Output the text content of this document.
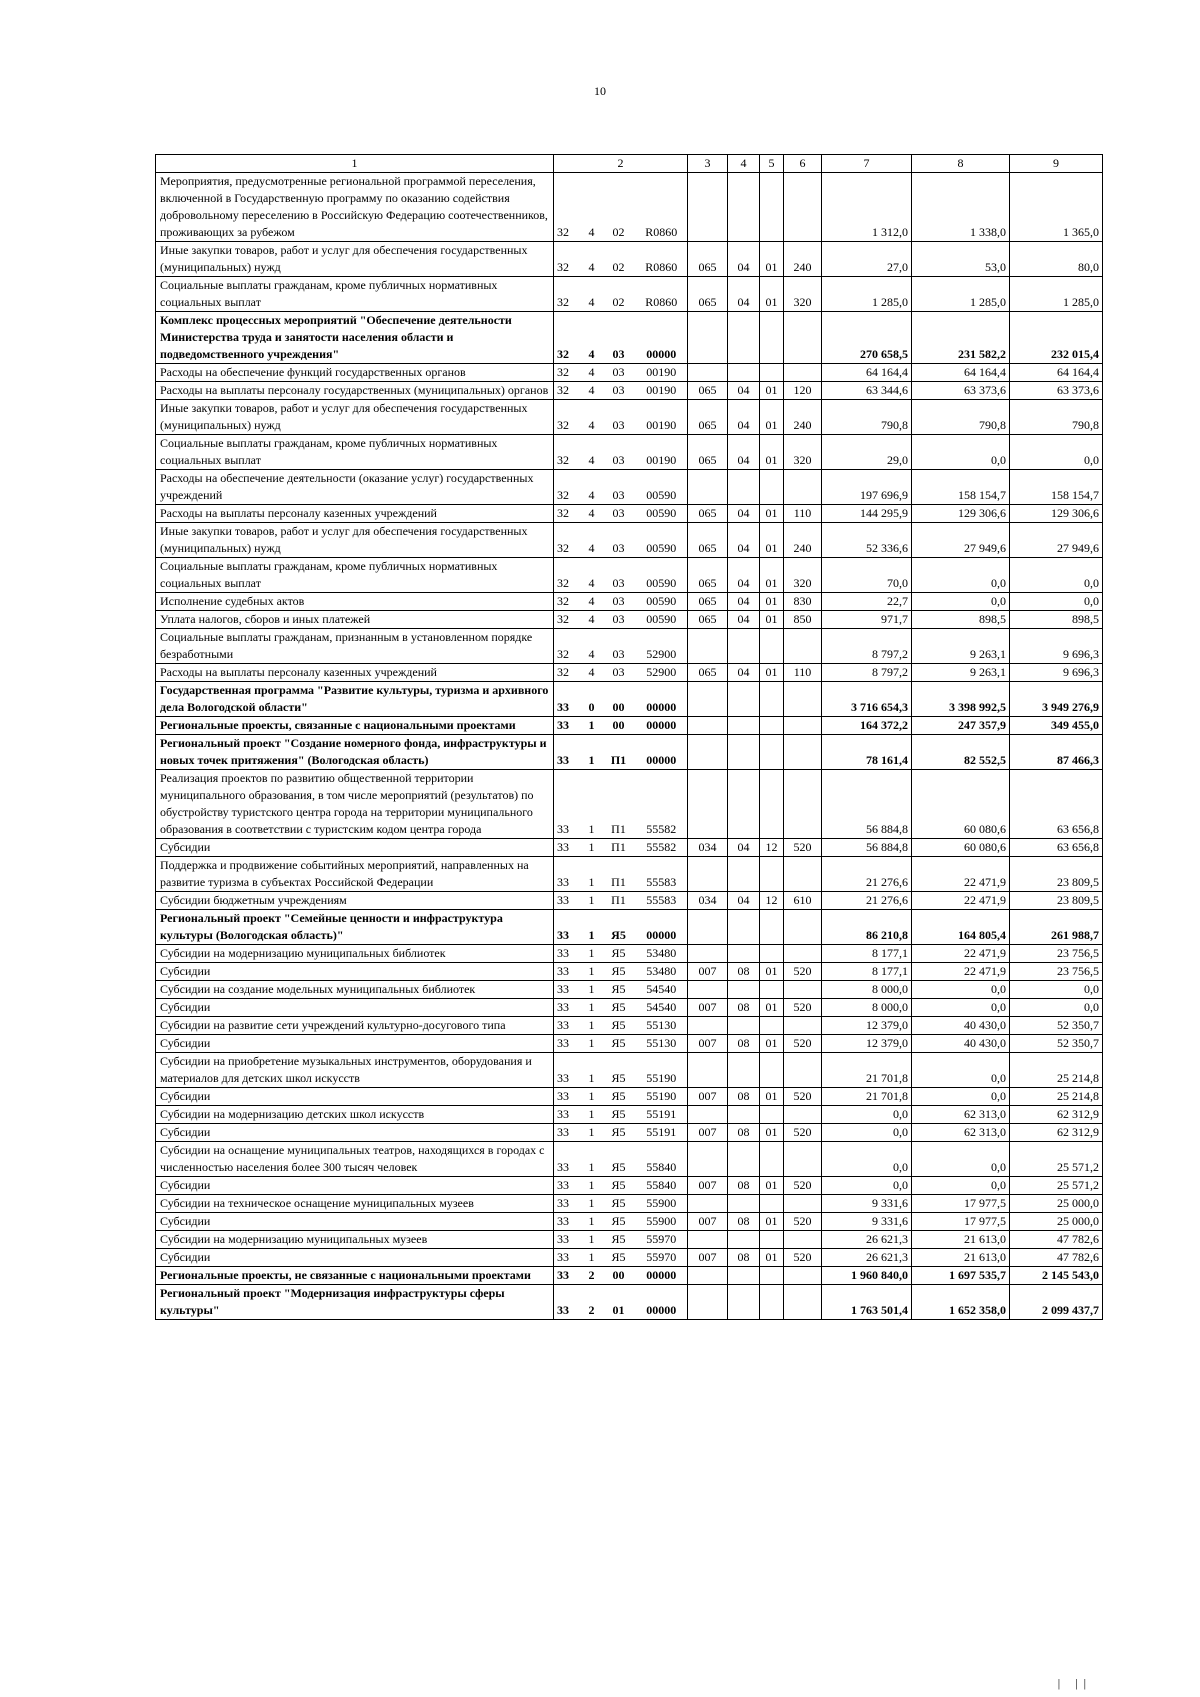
10
1	2				3	4	5	6	7	8	9
Мероприятия, предусмотренные региональной программой переселения, включенной в Государственную программу по оказанию содействия добровольному переселению в Российскую Федерацию соотечественников, проживающих за рубежом	32	4	02	R0860					1 312,0	1 338,0	1 365,0
Иные закупки товаров, работ и услуг для обеспечения государственных (муниципальных) нужд	32	4	02	R0860	065	04	01	240	27,0	53,0	80,0
Социальные выплаты гражданам, кроме публичных нормативных социальных выплат	32	4	02	R0860	065	04	01	320	1 285,0	1 285,0	1 285,0
Комплекс процессных мероприятий "Обеспечение деятельности Министерства труда и занятости населения области и подведомственного учреждения"	32	4	03	00000					270 658,5	231 582,2	232 015,4
Расходы на обеспечение функций государственных органов	32	4	03	00190					64 164,4	64 164,4	64 164,4
Расходы на выплаты персоналу государственных (муниципальных) органов	32	4	03	00190	065	04	01	120	63 344,6	63 373,6	63 373,6
Иные закупки товаров, работ и услуг для обеспечения государственных (муниципальных) нужд	32	4	03	00190	065	04	01	240	790,8	790,8	790,8
Социальные выплаты гражданам, кроме публичных нормативных социальных выплат	32	4	03	00190	065	04	01	320	29,0	0,0	0,0
Расходы на обеспечение деятельности (оказание услуг) государственных учреждений	32	4	03	00590					197 696,9	158 154,7	158 154,7
Расходы на выплаты персоналу казенных учреждений	32	4	03	00590	065	04	01	110	144 295,9	129 306,6	129 306,6
Иные закупки товаров, работ и услуг для обеспечения государственных (муниципальных) нужд	32	4	03	00590	065	04	01	240	52 336,6	27 949,6	27 949,6
Социальные выплаты гражданам, кроме публичных нормативных социальных выплат	32	4	03	00590	065	04	01	320	70,0	0,0	0,0
Исполнение судебных актов	32	4	03	00590	065	04	01	830	22,7	0,0	0,0
Уплата налогов, сборов и иных платежей	32	4	03	00590	065	04	01	850	971,7	898,5	898,5
Социальные выплаты гражданам, признанным в установленном порядке безработными	32	4	03	52900					8 797,2	9 263,1	9 696,3
Расходы на выплаты персоналу казенных учреждений	32	4	03	52900	065	04	01	110	8 797,2	9 263,1	9 696,3
Государственная программа "Развитие культуры, туризма и архивного дела Вологодской области"	33	0	00	00000					3 716 654,3	3 398 992,5	3 949 276,9
Региональные проекты, связанные с национальными проектами	33	1	00	00000					164 372,2	247 357,9	349 455,0
Региональный проект "Создание номерного фонда, инфраструктуры и новых точек притяжения" (Вологодская область)	33	1	П1	00000					78 161,4	82 552,5	87 466,3
Реализация проектов по развитию общественной территории муниципального образования, в том числе мероприятий (результатов) по обустройству туристского центра города на территории муниципального образования в соответствии с туристским кодом центра города	33	1	П1	55582					56 884,8	60 080,6	63 656,8
Субсидии	33	1	П1	55582	034	04	12	520	56 884,8	60 080,6	63 656,8
Поддержка и продвижение событийных мероприятий, направленных на развитие туризма в субъектах Российской Федерации	33	1	П1	55583					21 276,6	22 471,9	23 809,5
Субсидии бюджетным учреждениям	33	1	П1	55583	034	04	12	610	21 276,6	22 471,9	23 809,5
Региональный проект "Семейные ценности и инфраструктура культуры (Вологодская область)"	33	1	Я5	00000					86 210,8	164 805,4	261 988,7
Субсидии на модернизацию муниципальных библиотек	33	1	Я5	53480					8 177,1	22 471,9	23 756,5
Субсидии	33	1	Я5	53480	007	08	01	520	8 177,1	22 471,9	23 756,5
Субсидии на создание модельных муниципальных библиотек	33	1	Я5	54540					8 000,0	0,0	0,0
Субсидии	33	1	Я5	54540	007	08	01	520	8 000,0	0,0	0,0
Субсидии на развитие сети учреждений культурно-досугового типа	33	1	Я5	55130					12 379,0	40 430,0	52 350,7
Субсидии	33	1	Я5	55130	007	08	01	520	12 379,0	40 430,0	52 350,7
Субсидии на приобретение музыкальных инструментов, оборудования и материалов для детских школ искусств	33	1	Я5	55190					21 701,8	0,0	25 214,8
Субсидии	33	1	Я5	55190	007	08	01	520	21 701,8	0,0	25 214,8
Субсидии на модернизацию детских школ искусств	33	1	Я5	55191					0,0	62 313,0	62 312,9
Субсидии	33	1	Я5	55191	007	08	01	520	0,0	62 313,0	62 312,9
Субсидии на оснащение муниципальных театров, находящихся в городах с численностью населения более 300 тысяч человек	33	1	Я5	55840					0,0	0,0	25 571,2
Субсидии	33	1	Я5	55840	007	08	01	520	0,0	0,0	25 571,2
Субсидии на техническое оснащение муниципальных музеев	33	1	Я5	55900					9 331,6	17 977,5	25 000,0
Субсидии	33	1	Я5	55900	007	08	01	520	9 331,6	17 977,5	25 000,0
Субсидии на модернизацию муниципальных музеев	33	1	Я5	55970					26 621,3	21 613,0	47 782,6
Субсидии	33	1	Я5	55970	007	08	01	520	26 621,3	21 613,0	47 782,6
Региональные проекты, не связанные с национальными проектами	33	2	00	00000					1 960 840,0	1 697 535,7	2 145 543,0
Региональный проект "Модернизация инфраструктуры сферы культуры"	33	2	01	00000					1 763 501,4	1 652 358,0	2 099 437,7
| ||
